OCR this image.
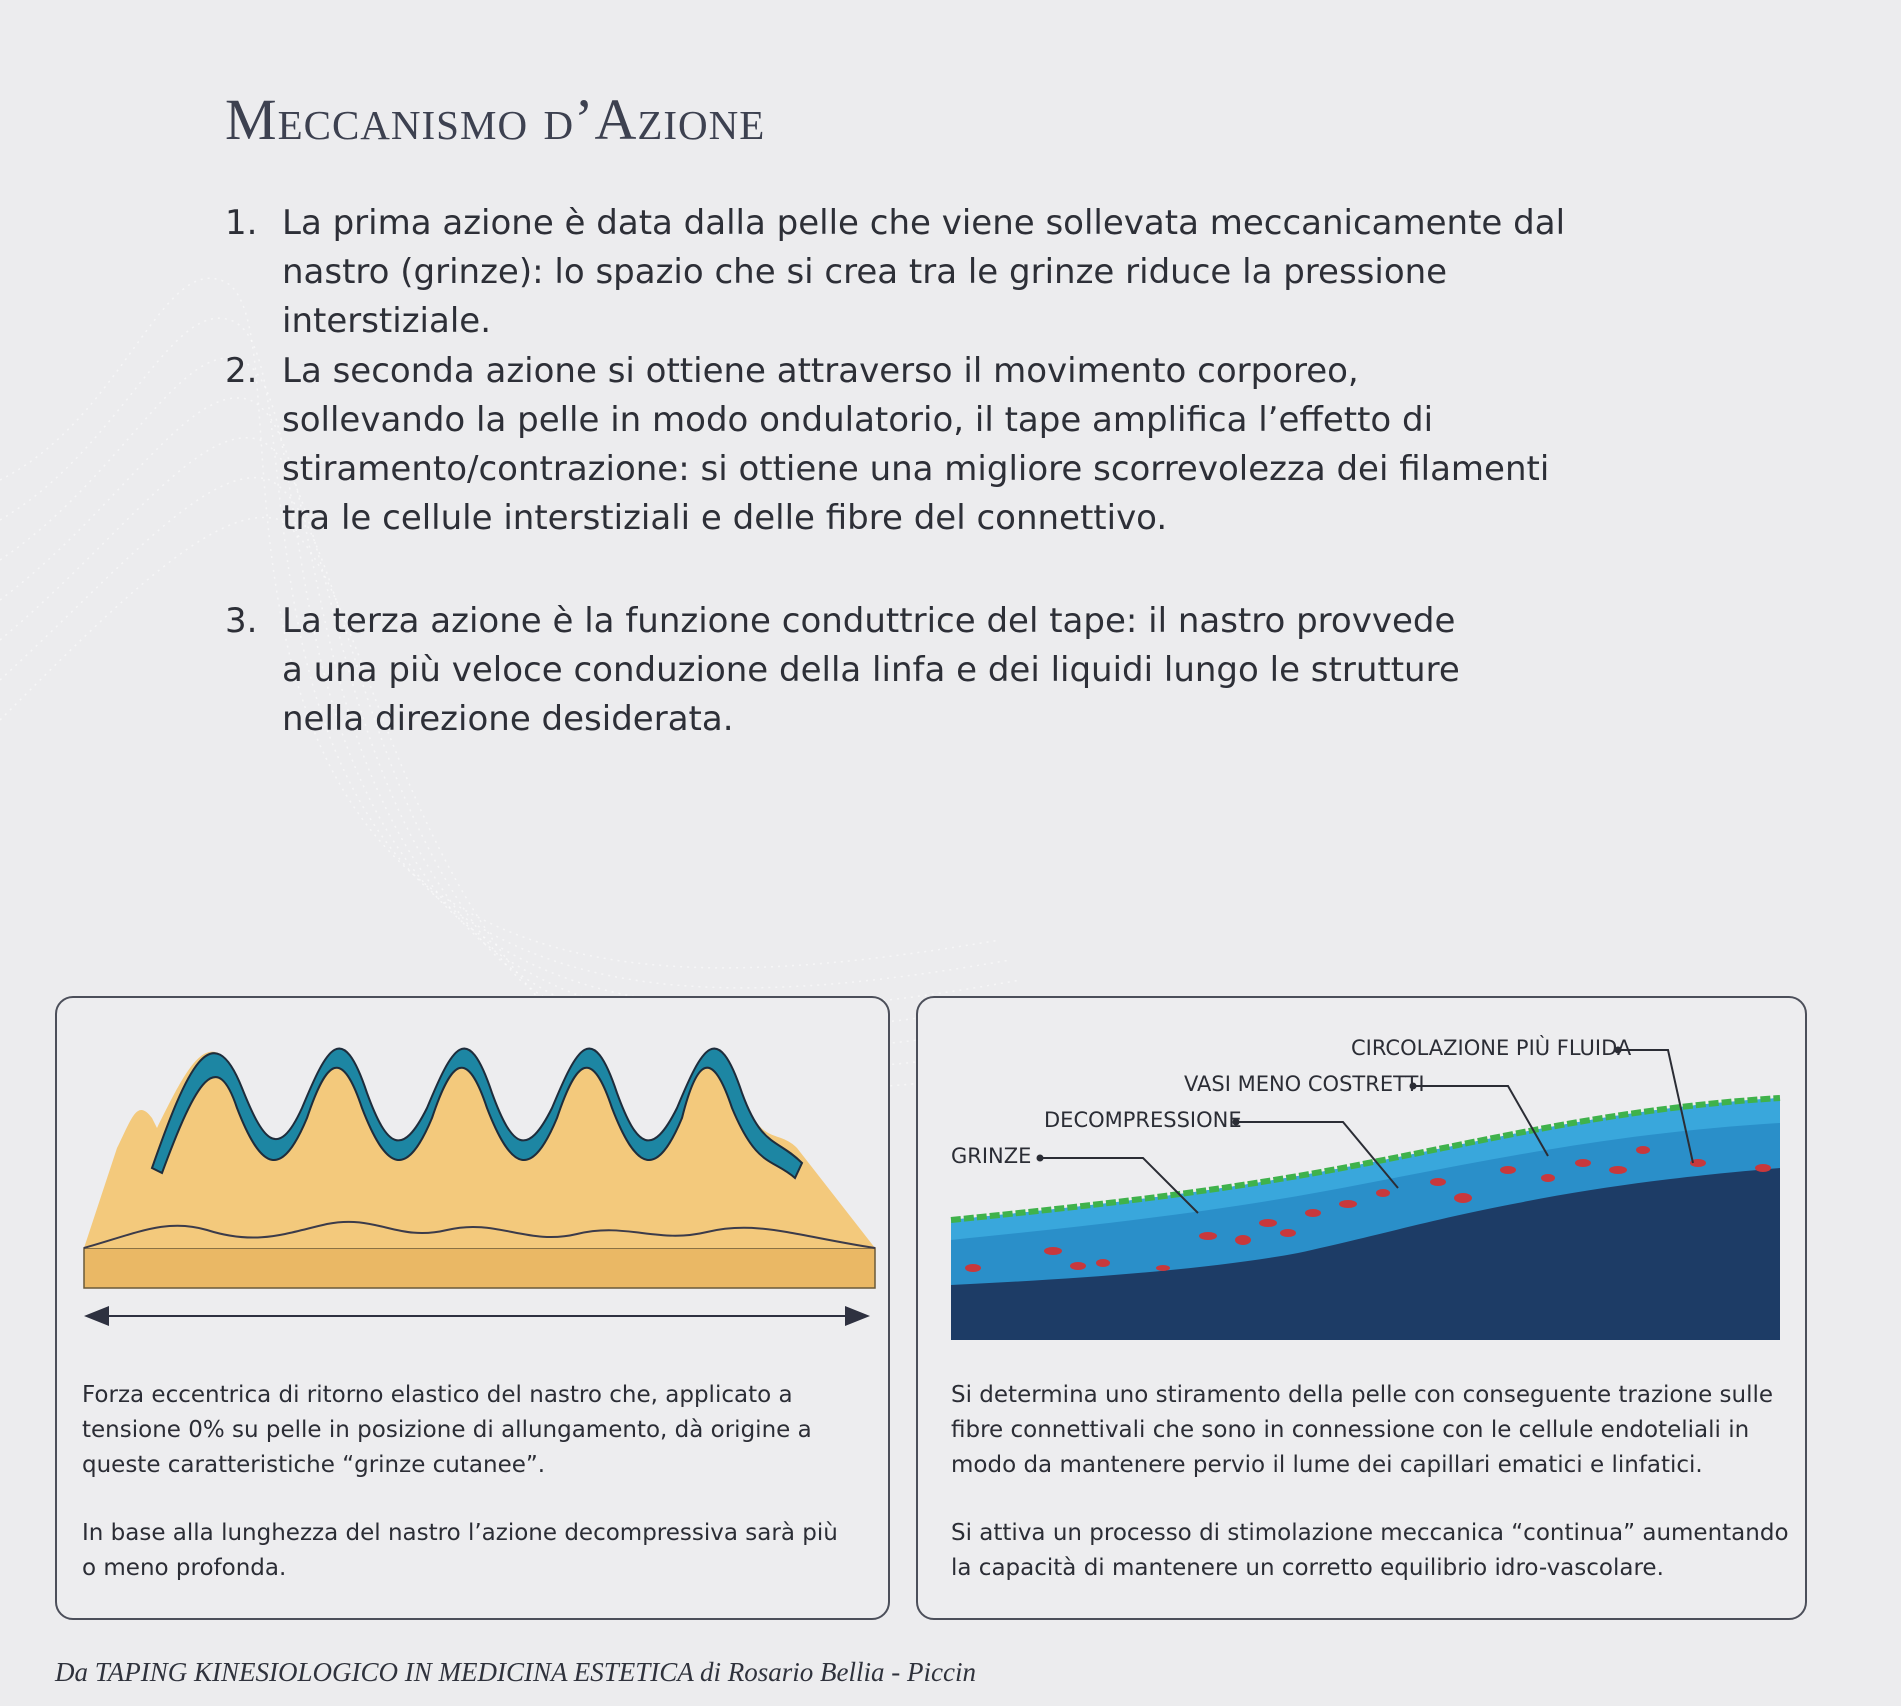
Meccanismo d’Azione
1. La prima azione è data dalla pelle che viene sollevata meccanicamente dal
nastro (grinze): lo spazio che si crea tra le grinze riduce la pressione interstiziale.
2. La seconda azione si ottiene attraverso il movimento corporeo,
sollevando la pelle in modo ondulatorio, il tape amplifica l’effetto di
stiramento/contrazione: si ottiene una migliore scorrevolezza dei filamenti
tra le cellule interstiziali e delle fibre del connettivo.
3. La terza azione è la funzione conduttrice del tape: il nastro provvede
a una più veloce conduzione della linfa e dei liquidi lungo le strutture
nella direzione desiderata.
Forza eccentrica di ritorno elastico del nastro che, applicato a
tensione 0% su pelle in posizione di allungamento, dà origine a
queste caratteristiche “grinze cutanee”.
In base alla lunghezza del nastro l’azione decompressiva sarà più
o meno profonda.
CIRCOLAZIONE PIÙ FLUIDA
VASI MENO COSTRETTI
DECOMPRESSIONE
GRINZE
Si determina uno stiramento della pelle con conseguente trazione sulle
fibre connettivali che sono in connessione con le cellule endoteliali in
modo da mantenere pervio il lume dei capillari ematici e linfatici.
Si attiva un processo di stimolazione meccanica “continua” aumentando
la capacità di mantenere un corretto equilibrio idro-vascolare.
Da TAPING KINESIOLOGICO IN MEDICINA ESTETICA di Rosario Bellia - Piccin
